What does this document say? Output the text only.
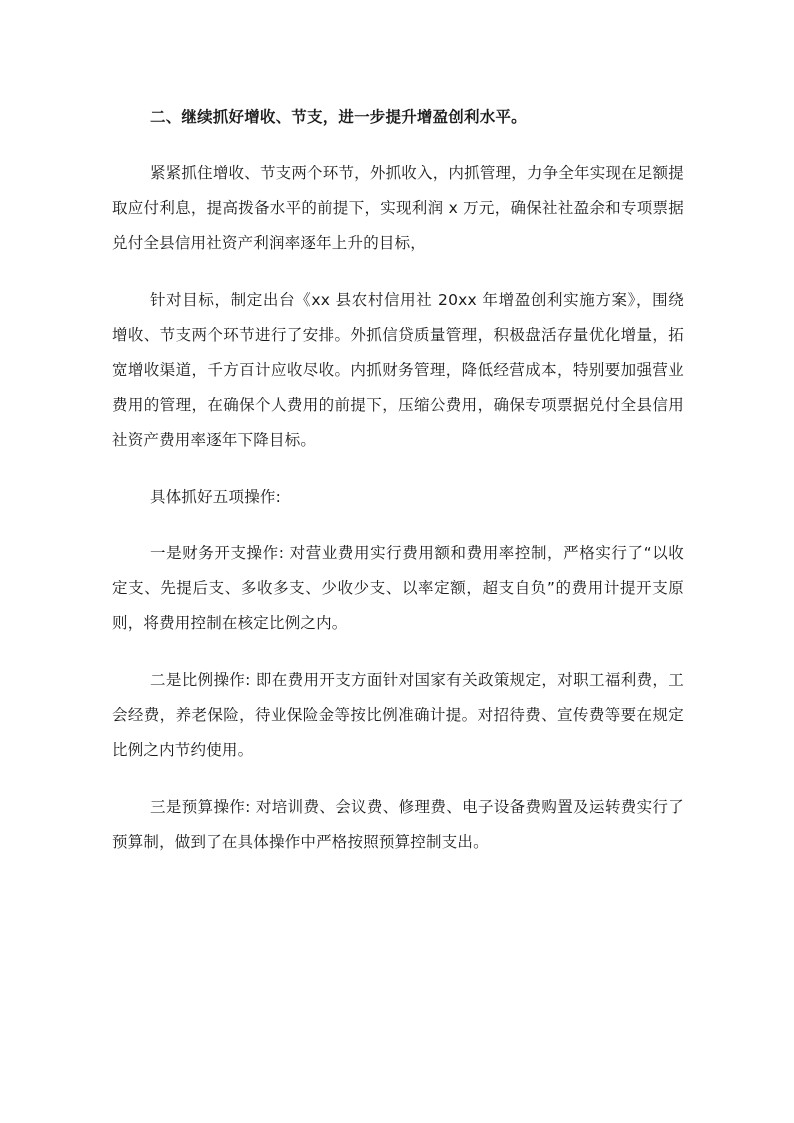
二、继续抓好增收、节支，进一步提升增盈创利水平。

紧紧抓住增收、节支两个环节，外抓收入，内抓管理，力争全年实现在足额提取应付利息，提高拨备水平的前提下，实现利润 x 万元，确保社社盈余和专项票据兑付全县信用社资产利润率逐年上升的目标，

针对目标，制定出台《xx 县农村信用社 20xx 年增盈创利实施方案》，围绕增收、节支两个环节进行了安排。外抓信贷质量管理，积极盘活存量优化增量，拓宽增收渠道，千方百计应收尽收。内抓财务管理，降低经营成本，特别要加强营业费用的管理，在确保个人费用的前提下，压缩公费用，确保专项票据兑付全县信用社资产费用率逐年下降目标。

具体抓好五项操作:

一是财务开支操作: 对营业费用实行费用额和费用率控制，严格实行了“以收定支、先提后支、多收多支、少收少支、以率定额，超支自负”的费用计提开支原则，将费用控制在核定比例之内。

二是比例操作: 即在费用开支方面针对国家有关政策规定，对职工福利费，工会经费，养老保险，待业保险金等按比例准确计提。对招待费、宣传费等要在规定比例之内节约使用。

三是预算操作: 对培训费、会议费、修理费、电子设备费购置及运转费实行了预算制，做到了在具体操作中严格按照预算控制支出。
